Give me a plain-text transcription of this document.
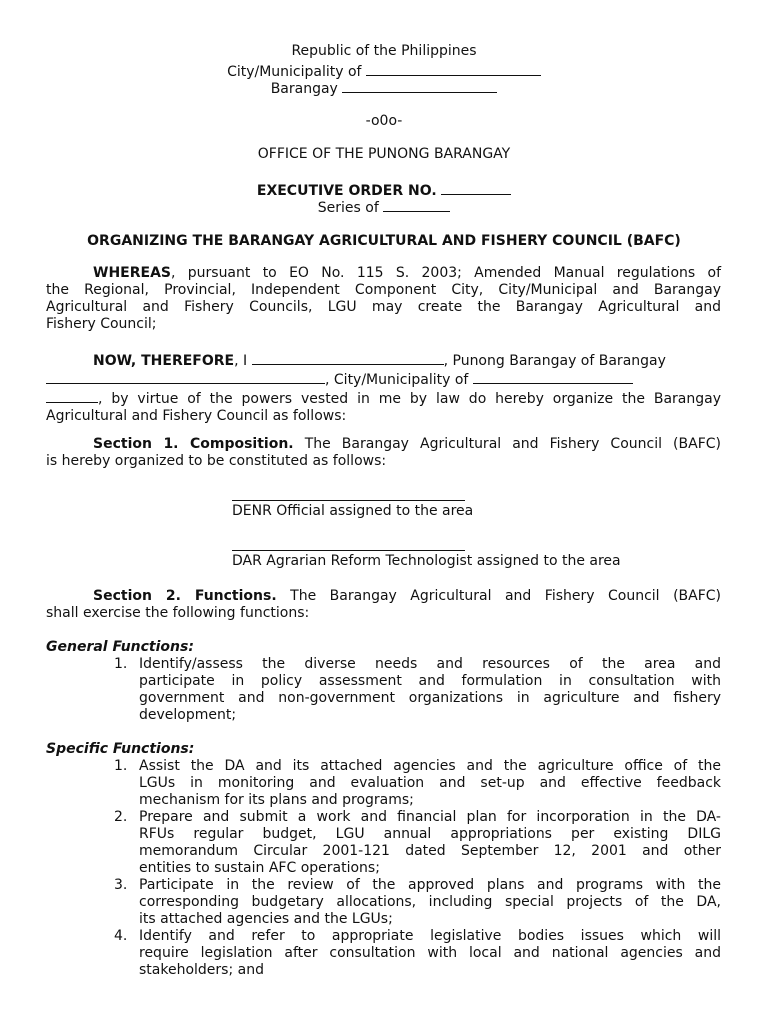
Republic of the Philippines
City/Municipality of
Barangay
-o0o-
OFFICE OF THE PUNONG BARANGAY
EXECUTIVE ORDER NO.
Series of
ORGANIZING THE BARANGAY AGRICULTURAL AND FISHERY COUNCIL (BAFC)
WHEREAS, pursuant to EO No. 115 S. 2003; Amended Manual regulations of
the Regional, Provincial, Independent Component City, City/Municipal and Barangay
Agricultural and Fishery Councils, LGU may create the Barangay Agricultural and
Fishery Council;
NOW, THEREFORE, I	, Punong Barangay of Barangay
, City/Municipality of
, by virtue of the powers vested in me by law do hereby organize the Barangay
Agricultural and Fishery Council as follows:
Section 1. Composition. The Barangay Agricultural and Fishery Council (BAFC)
is hereby organized to be constituted as follows:
DENR Official assigned to the area
DAR Agrarian Reform Technologist assigned to the area
Section 2. Functions. The Barangay Agricultural and Fishery Council (BAFC)
shall exercise the following functions:
General Functions:
1. Identify/assess the diverse needs and resources of the area and
participate in policy assessment and formulation in consultation with
government and non-government organizations in agriculture and fishery
development;
Specific Functions:
1. Assist the DA and its attached agencies and the agriculture office of the
LGUs in monitoring and evaluation and set-up and effective feedback
mechanism for its plans and programs;
2. Prepare and submit a work and financial plan for incorporation in the DA-
RFUs regular budget, LGU annual appropriations per existing DILG
memorandum Circular 2001-121 dated September 12, 2001 and other
entities to sustain AFC operations;
3. Participate in the review of the approved plans and programs with the
corresponding budgetary allocations, including special projects of the DA,
its attached agencies and the LGUs;
4. Identify and refer to appropriate legislative bodies issues which will
require legislation after consultation with local and national agencies and
stakeholders; and
